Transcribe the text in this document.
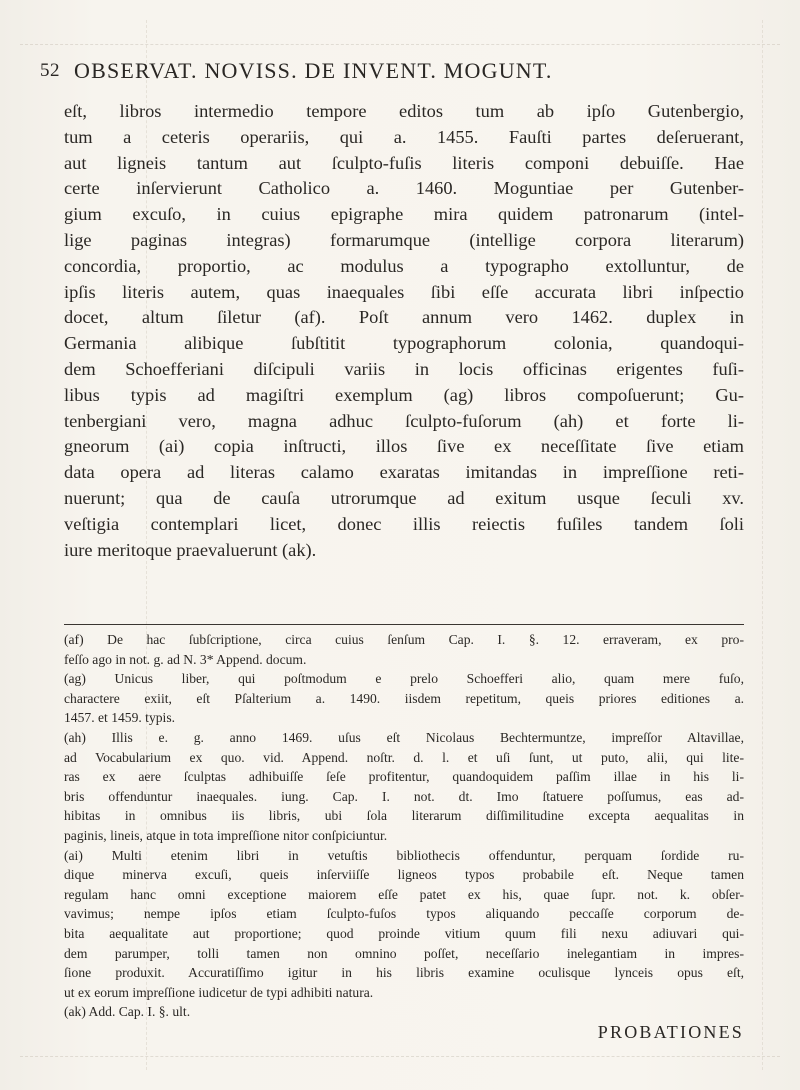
52 OBSERVAT. NOVISS. DE INVENT. MOGUNT.
eſt, libros intermedio tempore editos tum ab ipſo Gutenbergio,
tum a ceteris operariis, qui a. 1455. Fauſti partes deſeruerant,
aut ligneis tantum aut ſculpto-fuſis literis componi debuiſſe. Hae
certe inſervierunt Catholico a. 1460. Moguntiae per Gutenber-
gium excuſo, in cuius epigraphe mira quidem patronarum (intel-
lige paginas integras) formarumque (intellige corpora literarum)
concordia, proportio, ac modulus a typographo extolluntur, de
ipſis literis autem, quas inaequales ſibi eſſe accurata libri inſpectio
docet, altum ſiletur (af). Poſt annum vero 1462. duplex in
Germania alibique ſubſtitit typographorum colonia, quandoqui-
dem Schoefferiani diſcipuli variis in locis officinas erigentes fuſi-
libus typis ad magiſtri exemplum (ag) libros compoſuerunt; Gu-
tenbergiani vero, magna adhuc ſculpto-fuſorum (ah) et forte li-
gneorum (ai) copia inſtructi, illos ſive ex neceſſitate ſive etiam
data opera ad literas calamo exaratas imitandas in impreſſione reti-
nuerunt; qua de cauſa utrorumque ad exitum usque ſeculi xv.
veſtigia contemplari licet, donec illis reiectis fuſiles tandem ſoli
iure meritoque praevaluerunt (ak).
(af) De hac ſubſcriptione, circa cuius ſenſum Cap. I. §. 12. erraveram, ex pro-
feſſo ago in not. g. ad N. 3* Append. docum.
(ag) Unicus liber, qui poſtmodum e prelo Schoefferi alio, quam mere fuſo,
charactere exiit, eſt Pſalterium a. 1490. iisdem repetitum, queis priores editiones a.
1457. et 1459. typis.
(ah) Illis e. g. anno 1469. uſus eſt Nicolaus Bechtermuntze, impreſſor Altavillae,
ad Vocabularium ex quo. vid. Append. noſtr. d. l. et uſi ſunt, ut puto, alii, qui lite-
ras ex aere ſculptas adhibuiſſe ſeſe profitentur, quandoquidem paſſim illae in his li-
bris offenduntur inaequales. iung. Cap. I. not. dt. Imo ſtatuere poſſumus, eas ad-
hibitas in omnibus iis libris, ubi ſola literarum diſſimilitudine excepta aequalitas in
paginis, lineis, atque in tota impreſſione nitor conſpiciuntur.
(ai) Multi etenim libri in vetuſtis bibliothecis offenduntur, perquam ſordide ru-
dique minerva excuſi, queis inſerviiſſe ligneos typos probabile eſt. Neque tamen
regulam hanc omni exceptione maiorem eſſe patet ex his, quae ſupr. not. k. obſer-
vavimus; nempe ipſos etiam ſculpto-fuſos typos aliquando peccaſſe corporum de-
bita aequalitate aut proportione; quod proinde vitium quum fili nexu adiuvari qui-
dem parumper, tolli tamen non omnino poſſet, neceſſario inelegantiam in impres-
ſione produxit. Accuratiſſimo igitur in his libris examine oculisque lynceis opus eſt,
ut ex eorum impreſſione iudicetur de typi adhibiti natura.
(ak) Add. Cap. I. §. ult.
PROBATIONES
